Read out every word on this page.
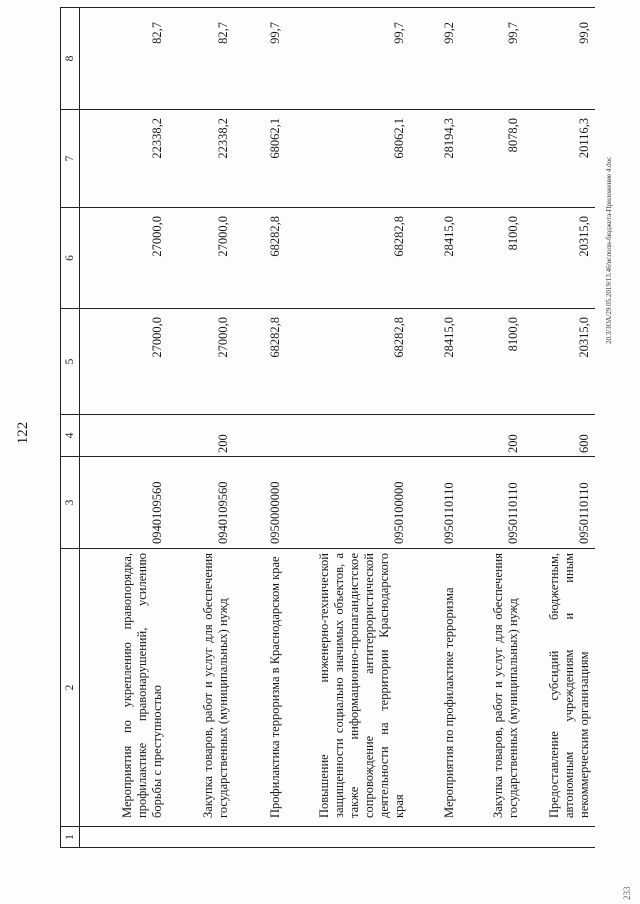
122
1	2	3	4	5	6	7	8
	Мероприятия по укреплению правопорядка, профилактике правонарушений, усилению борьбы с преступностью	0940109560		27000,0	27000,0	22338,2	82,7
	Закупка товаров, работ и услуг для обеспечения государственных (муниципальных) нужд	0940109560	200	27000,0	27000,0	22338,2	82,7
	Профилактика терроризма в Краснодарском крае	0950000000		68282,8	68282,8	68062,1	99,7
	Повышение инженерно-технической защищенности социально значимых объектов, а также информационно-пропагандистское сопровождение антитеррористической деятельности на территории Краснодарского края	0950100000		68282,8	68282,8	68062,1	99,7
	Мероприятия по профилактике терроризма	0950110110		28415,0	28415,0	28194,3	99,2
	Закупка товаров, работ и услуг для обеспечения государственных (муниципальных) нужд	0950110110	200	8100,0	8100,0	8078,0	99,7
	Предоставление субсидий бюджетным, автономным учреждениям и иным некоммерческим организациям	0950110110	600	20315,0	20315,0	20116,3	99,0
20.3/ЗОА/29.05.2019/13.46/исполн-бюджета-Приложение 4.doc
233
